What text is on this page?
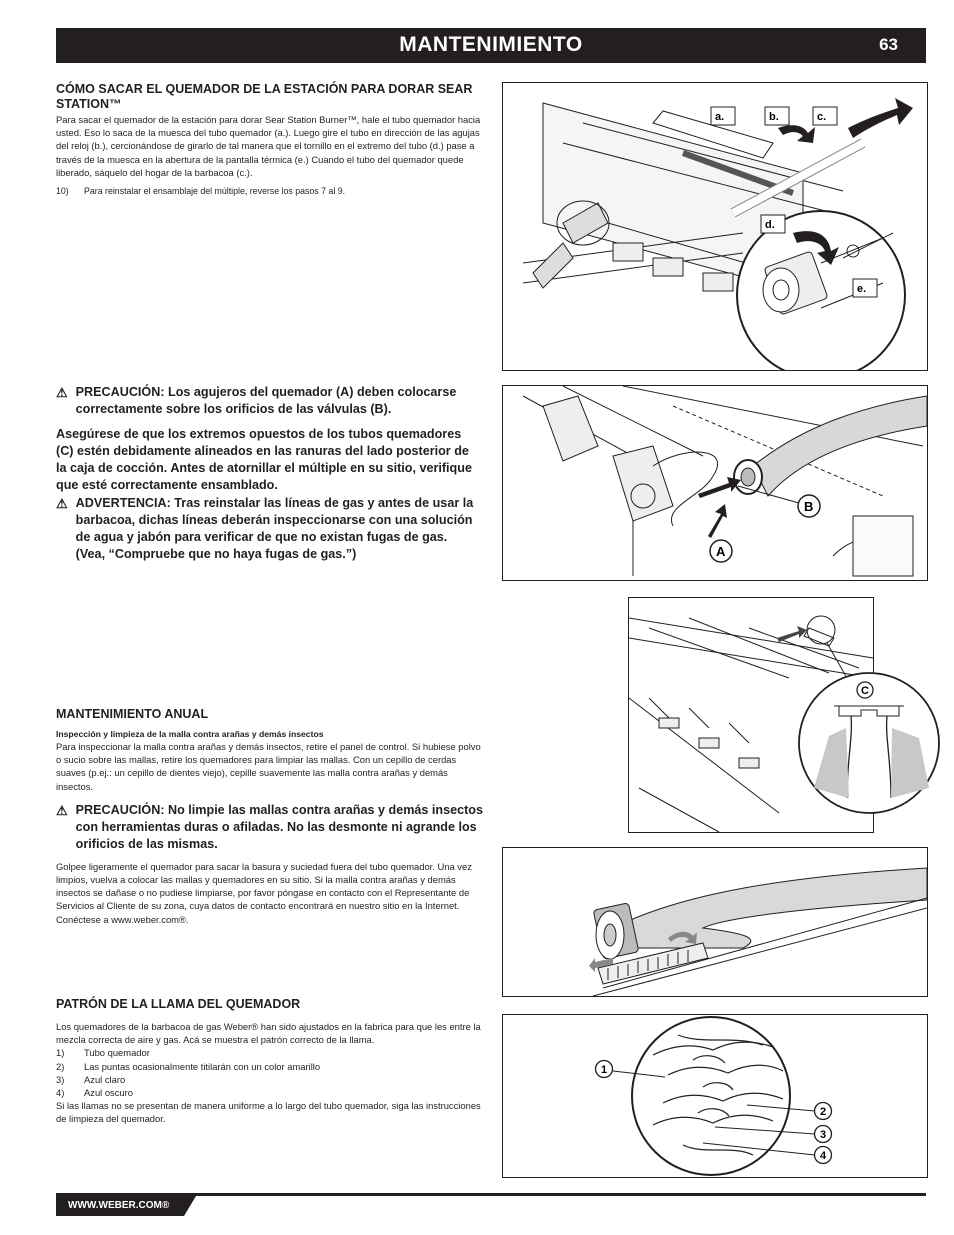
MANTENIMIENTO	63

CÓMO SACAR EL QUEMADOR DE LA ESTACIÓN PARA DORAR SEAR STATION™

Para sacar el quemador de la estación para dorar Sear Station Burner™, hale el tubo quemador hacia usted. Eso lo saca de la muesca del tubo quemador (a.). Luego gire el tubo en dirección de las agujas del reloj (b.), cercionándose de girarlo de tal manera que el tornillo en el extremo del tubo (d.) pase a través de la muesca en la abertura de la pantalla térmica (e.) Cuando el tubo del quemador quede liberado, sáquelo del hogar de la barbacoa (c.).

10)	Para reinstalar el ensamblaje del múltiple, reverse los pasos 7 al 9.

⚠ PRECAUCIÓN: Los agujeros del quemador (A) deben colocarse correctamente sobre los orificios de las válvulas (B).

Asegúrese de que los extremos opuestos de los tubos quemadores (C) estén debidamente alineados en las ranuras del lado posterior de la caja de cocción. Antes de atornillar el múltiple en su sitio, verifique que esté correctamente ensamblado.

⚠ ADVERTENCIA: Tras reinstalar las líneas de gas y antes de usar la barbacoa, dichas líneas deberán inspeccionarse con una solución de agua y jabón para verificar de que no existan fugas de gas. (Vea, “Compruebe que no haya fugas de gas.”)

MANTENIMIENTO ANUAL

Inspección y limpieza de la malla contra arañas y demás insectos

Para inspeccionar la malla contra arañas y demás insectos, retire el panel de control. Si hubiese polvo o sucio sobre las mallas, retire los quemadores para limpiar las mallas. Con un cepillo de cerdas suaves (p.ej.: un cepillo de dientes viejo), cepille suavemente las malla contra arañas y demás insectos.

⚠ PRECAUCIÓN: No limpie las mallas contra arañas y demás insectos con herramientas duras o afiladas. No las desmonte ni agrande los orificios de las mismas.

Golpee ligeramente el quemador para sacar la basura y suciedad fuera del tubo quemador. Una vez limpios, vuelva a colocar las mallas y quemadores en su sitio. Si la malla contra arañas y demás insectos se dañase o no pudiese limpiarse, por favor póngase en contacto con el Representante de Servicios al Cliente de su zona, cuya datos de contacto encontrará en nuestro sitio en la Internet.

Conéctese a www.weber.com®.

PATRÓN DE LA LLAMA DEL QUEMADOR

Los quemadores de la barbacoa de gas Weber® han sido ajustados en la fabrica para que les entre la mezcla correcta de aire y gas. Acá se muestra el patrón correcto de la llama.

1)	Tubo quemador
2)	Las puntas ocasionalmente titilarán con un color amarillo
3)	Azul claro
4)	Azul oscuro

Si las llamas no se presentan de manera uniforme a lo largo del tubo quemador, siga las instrucciones de limpieza del quemador.

a.	b.	c.
d.
e.
B
A
C
1
2
3
4
WWW.WEBER.COM®
